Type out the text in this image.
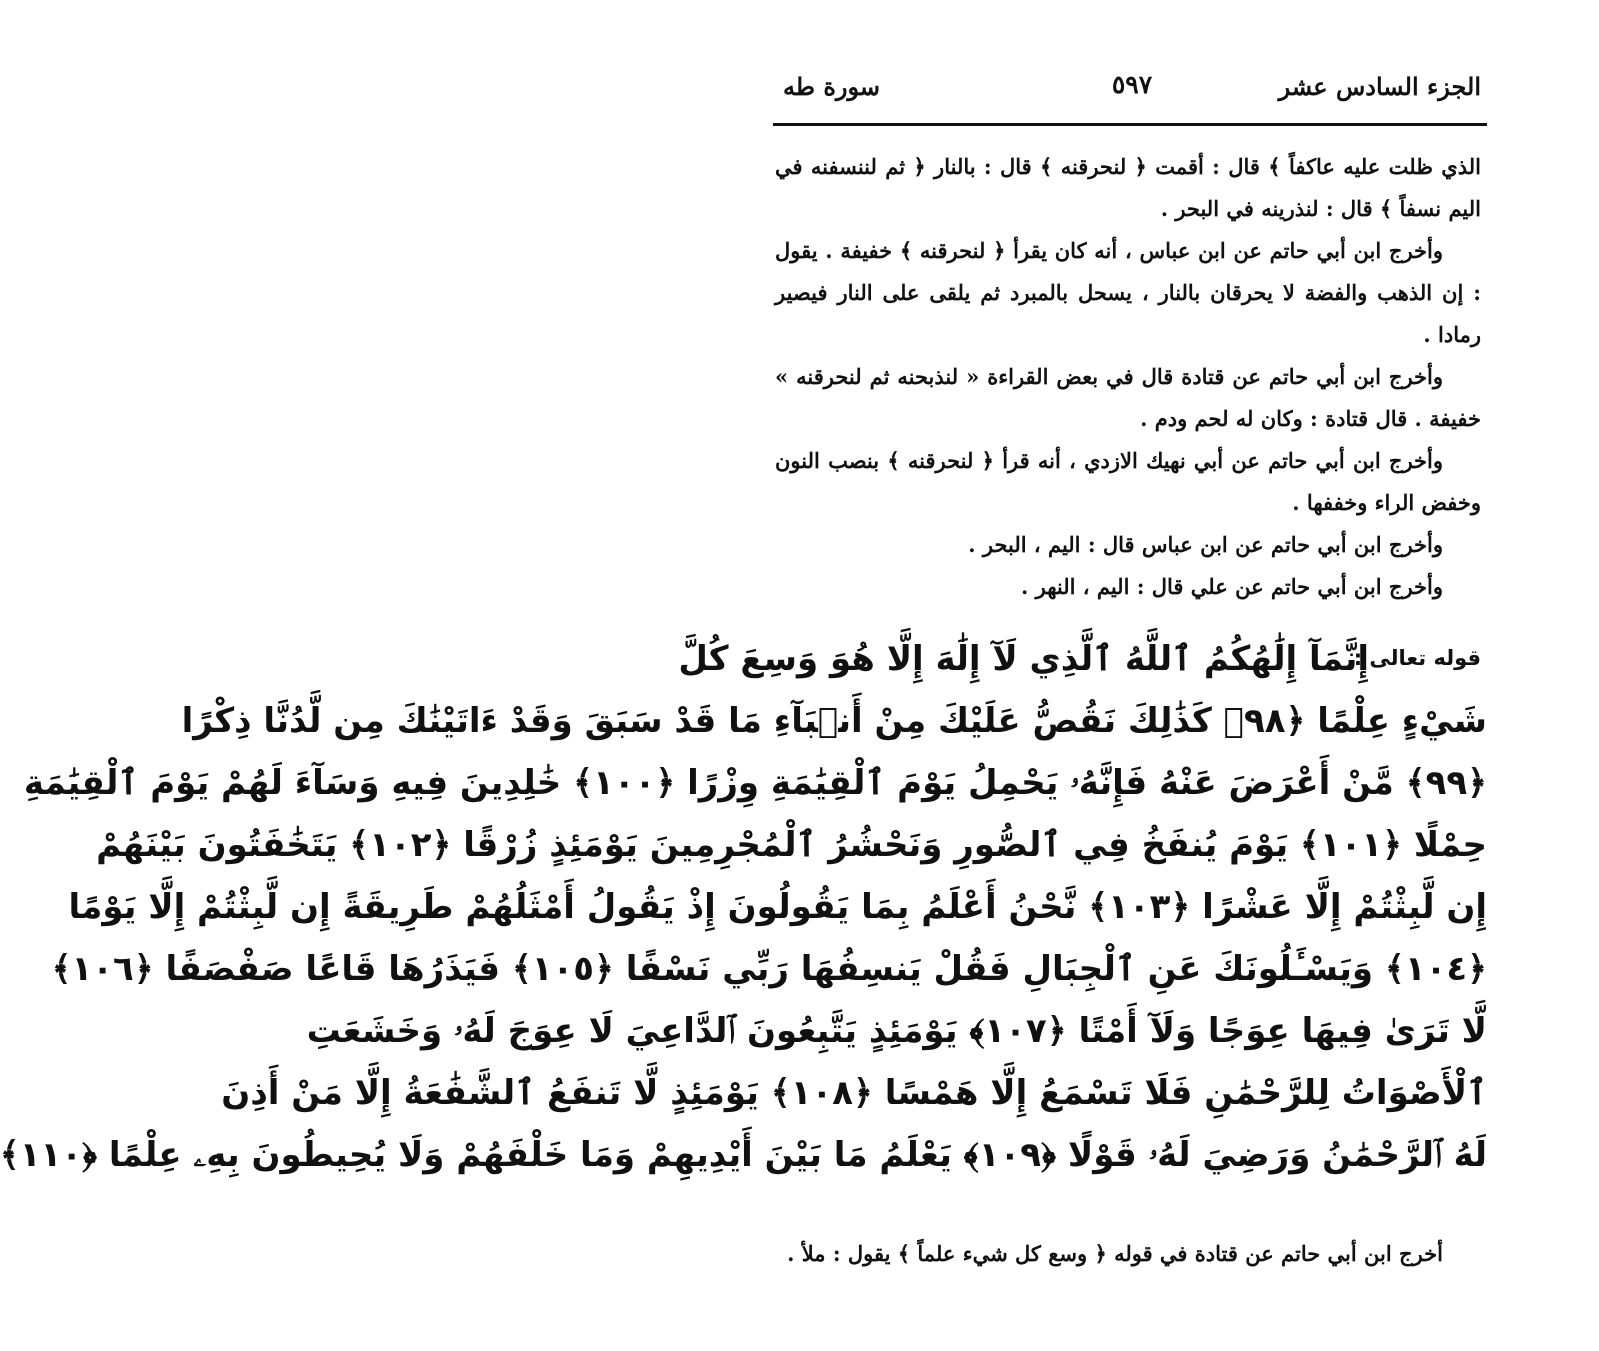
الجزء السادس عشر
٥٩٧
سورة طه

الذي ظلت عليه عاكفاً ﴾ قال : أقمت ﴿ لنحرقنه ﴾ قال : بالنار ﴿ ثم لننسفنه في اليم نسفاً ﴾ قال : لنذرينه في البحر .

وأخرج ابن أبي حاتم عن ابن عباس ، أنه كان يقرأ ﴿ لنحرقنه ﴾ خفيفة . يقول : إن الذهب والفضة لا يحرقان بالنار ، يسحل بالمبرد ثم يلقى على النار فيصير رمادا .

وأخرج ابن أبي حاتم عن قتادة قال في بعض القراءة « لنذبحنه ثم لنحرقنه » خفيفة . قال قتادة : وكان له لحم ودم .

وأخرج ابن أبي حاتم عن أبي نهيك الازدي ، أنه قرأ ﴿ لنحرقنه ﴾ بنصب النون وخفض الراء وخففها .

وأخرج ابن أبي حاتم عن ابن عباس قال : اليم ، البحر .

وأخرج ابن أبي حاتم عن علي قال : اليم ، النهر .

قوله تعالى :
إِنَّمَآ إِلَٰهُكُمُ ٱللَّهُ ٱلَّذِي لَآ إِلَٰهَ إِلَّا هُوَ وَسِعَ كُلَّ
شَيْءٍ عِلْمًا ﴿٩٨﴾ كَذَٰلِكَ نَقُصُّ عَلَيْكَ مِنْ أَنۢبَآءِ مَا قَدْ سَبَقَ وَقَدْ ءَاتَيْنَٰكَ مِن لَّدُنَّا ذِكْرًا
﴿٩٩﴾ مَّنْ أَعْرَضَ عَنْهُ فَإِنَّهُۥ يَحْمِلُ يَوْمَ ٱلْقِيَٰمَةِ وِزْرًا ﴿١٠٠﴾ خَٰلِدِينَ فِيهِ وَسَآءَ لَهُمْ يَوْمَ ٱلْقِيَٰمَةِ
حِمْلًا ﴿١٠١﴾ يَوْمَ يُنفَخُ فِي ٱلصُّورِ وَنَحْشُرُ ٱلْمُجْرِمِينَ يَوْمَئِذٍ زُرْقًا ﴿١٠٢﴾ يَتَخَٰفَتُونَ بَيْنَهُمْ
إِن لَّبِثْتُمْ إِلَّا عَشْرًا ﴿١٠٣﴾ نَّحْنُ أَعْلَمُ بِمَا يَقُولُونَ إِذْ يَقُولُ أَمْثَلُهُمْ طَرِيقَةً إِن لَّبِثْتُمْ إِلَّا يَوْمًا
﴿١٠٤﴾ وَيَسْـَٔلُونَكَ عَنِ ٱلْجِبَالِ فَقُلْ يَنسِفُهَا رَبِّي نَسْفًا ﴿١٠٥﴾ فَيَذَرُهَا قَاعًا صَفْصَفًا ﴿١٠٦﴾
لَّا تَرَىٰ فِيهَا عِوَجًا وَلَآ أَمْتًا ﴿١٠٧﴾ يَوْمَئِذٍ يَتَّبِعُونَ ٱلدَّاعِيَ لَا عِوَجَ لَهُۥ وَخَشَعَتِ
ٱلْأَصْوَاتُ لِلرَّحْمَٰنِ فَلَا تَسْمَعُ إِلَّا هَمْسًا ﴿١٠٨﴾ يَوْمَئِذٍ لَّا تَنفَعُ ٱلشَّفَٰعَةُ إِلَّا مَنْ أَذِنَ
لَهُ ٱلرَّحْمَٰنُ وَرَضِيَ لَهُۥ قَوْلًا ﴿١٠٩﴾ يَعْلَمُ مَا بَيْنَ أَيْدِيهِمْ وَمَا خَلْفَهُمْ وَلَا يُحِيطُونَ بِهِۦ عِلْمًا ﴿١١٠﴾

أخرج ابن أبي حاتم عن قتادة في قوله ﴿ وسع كل شيء علماً ﴾ يقول : ملأ .
